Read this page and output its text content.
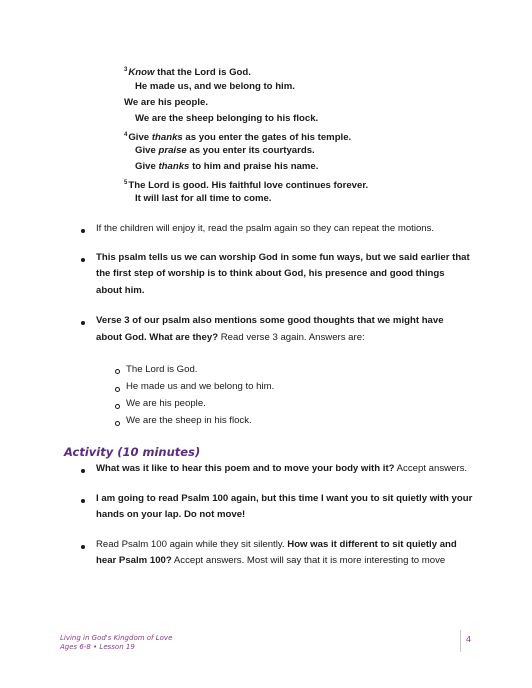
$^3$Know that the Lord is God.
He made us, and we belong to him.
We are his people.
We are the sheep belonging to his flock.
$^4$Give thanks as you enter the gates of his temple.
Give praise as you enter its courtyards.
Give thanks to him and praise his name.
$^5$The Lord is good. His faithful love continues forever.
It will last for all time to come.
If the children will enjoy it, read the psalm again so they can repeat the motions.
This psalm tells us we can worship God in some fun ways, but we said earlier that
the first step of worship is to think about God, his presence and good things
about him.
Verse 3 of our psalm also mentions some good thoughts that we might have
about God. What are they? Read verse 3 again. Answers are:
The Lord is God.
He made us and we belong to him.
We are his people.
We are the sheep in his flock.
Activity (10 minutes)
What was it like to hear this poem and to move your body with it? Accept answers.
I am going to read Psalm 100 again, but this time I want you to sit quietly with your
hands on your lap. Do not move!
Read Psalm 100 again while they sit silently. How was it different to sit quietly and
hear Psalm 100? Accept answers. Most will say that it is more interesting to move
Living in God's Kingdom of Love
Ages 6-8 • Lesson 19
4
